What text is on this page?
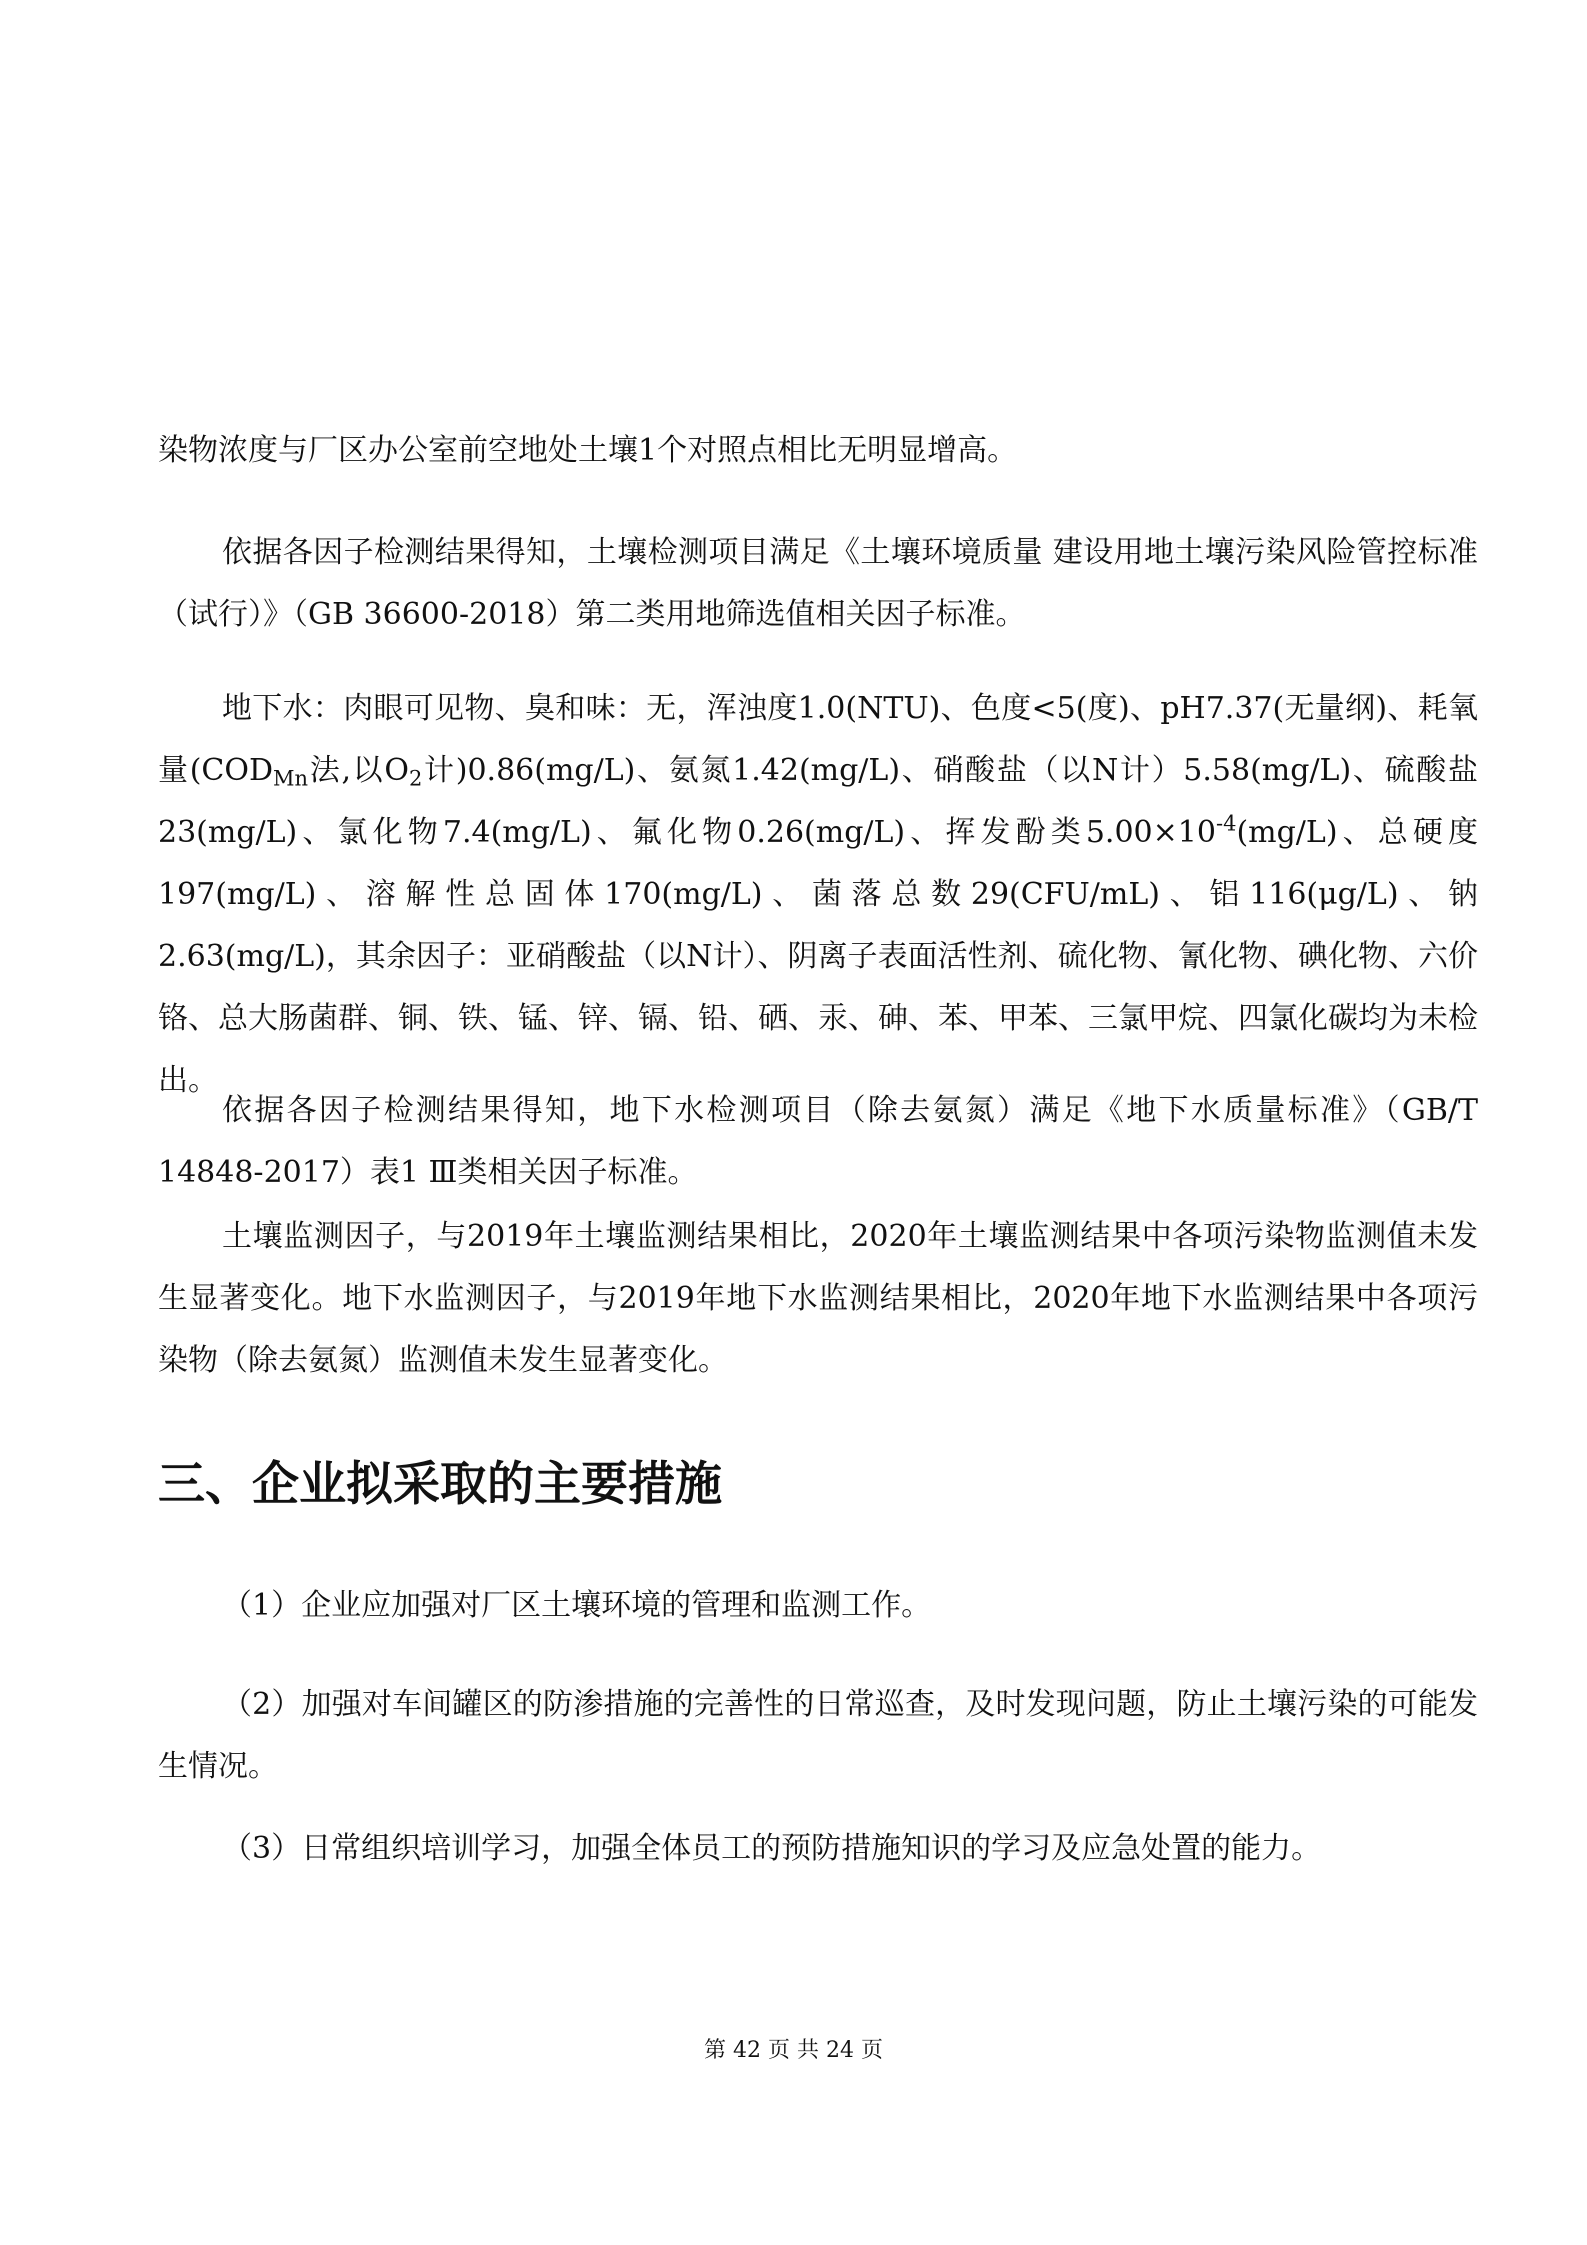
染物浓度与厂区办公室前空地处土壤1个对照点相比无明显增高。

依据各因子检测结果得知，土壤检测项目满足《土壤环境质量 建设用地土壤污染风险管控标准（试行）》（GB 36600-2018）第二类用地筛选值相关因子标准。

地下水：肉眼可见物、臭和味：无，浑浊度1.0(NTU)、色度<5(度)、pH7.37(无量纲)、耗氧量($COD_{Mn}$法,以$O_2$计)0.86(mg/L)、氨氮1.42(mg/L)、硝酸盐（以N计）5.58(mg/L)、硫酸盐23(mg/L)、氯化物7.4(mg/L)、氟化物0.26(mg/L)、挥发酚类$5.00\times 10^{-4}(mg/L)$、总硬度197(mg/L)、溶解性总固体170(mg/L)、菌落总数29(CFU/mL)、铝116(μg/L)、钠2.63(mg/L)，其余因子：亚硝酸盐（以N计）、阴离子表面活性剂、硫化物、氰化物、碘化物、六价铬、总大肠菌群、铜、铁、锰、锌、镉、铅、硒、汞、砷、苯、甲苯、三氯甲烷、四氯化碳均为未检出。

依据各因子检测结果得知，地下水检测项目（除去氨氮）满足《地下水质量标准》（GB/T 14848-2017）表1 Ⅲ类相关因子标准。

土壤监测因子，与2019年土壤监测结果相比，2020年土壤监测结果中各项污染物监测值未发生显著变化。地下水监测因子，与2019年地下水监测结果相比，2020年地下水监测结果中各项污染物（除去氨氮）监测值未发生显著变化。

三、企业拟采取的主要措施

（1）企业应加强对厂区土壤环境的管理和监测工作。

（2）加强对车间罐区的防渗措施的完善性的日常巡查，及时发现问题，防止土壤污染的可能发生情况。

（3）日常组织培训学习，加强全体员工的预防措施知识的学习及应急处置的能力。

第 42 页 共 24 页
